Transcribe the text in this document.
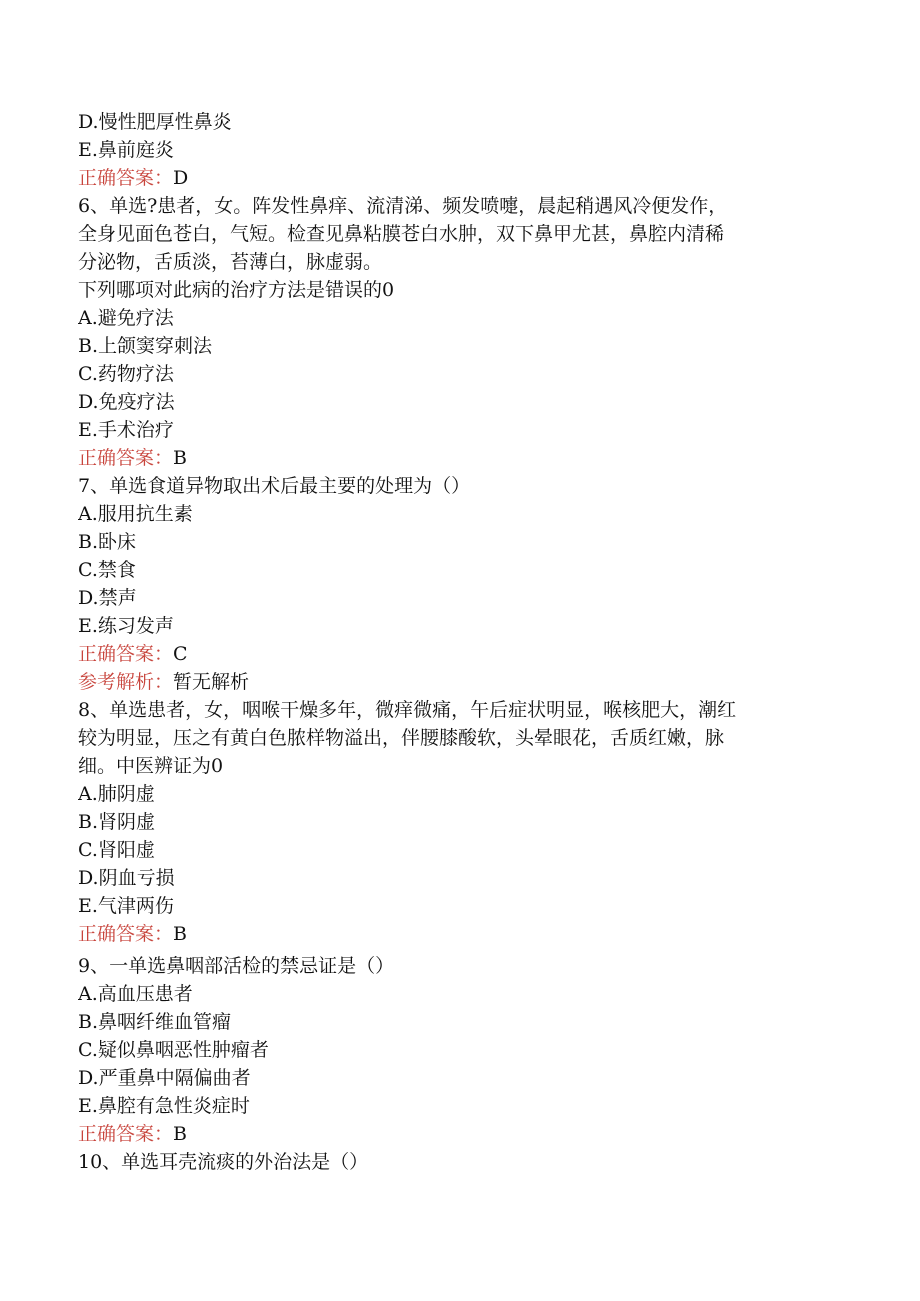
D.慢性肥厚性鼻炎
E.鼻前庭炎
正确答案：D
6、单选?患者，女。阵发性鼻痒、流清涕、频发喷嚏，晨起稍遇风冷便发作，
全身见面色苍白，气短。检查见鼻粘膜苍白水肿，双下鼻甲尤甚，鼻腔内清稀
分泌物，舌质淡，苔薄白，脉虚弱。
下列哪项对此病的治疗方法是错误的0
A.避免疗法
B.上颌窦穿刺法
C.药物疗法
D.免疫疗法
E.手术治疗
正确答案：B
7、单选食道异物取出术后最主要的处理为（）
A.服用抗生素
B.卧床
C.禁食
D.禁声
E.练习发声
正确答案：C
参考解析：暂无解析
8、单选患者，女，咽喉干燥多年，微痒微痛，午后症状明显，喉核肥大，潮红
较为明显，压之有黄白色脓样物溢出，伴腰膝酸软，头晕眼花，舌质红嫩，脉
细。中医辨证为0
A.肺阴虚
B.肾阴虚
C.肾阳虚
D.阴血亏损
E.气津两伤
正确答案：B
9、一单选鼻咽部活检的禁忌证是（）
A.高血压患者
B.鼻咽纤维血管瘤
C.疑似鼻咽恶性肿瘤者
D.严重鼻中隔偏曲者
E.鼻腔有急性炎症时
正确答案：B
10、单选耳壳流痰的外治法是（）
